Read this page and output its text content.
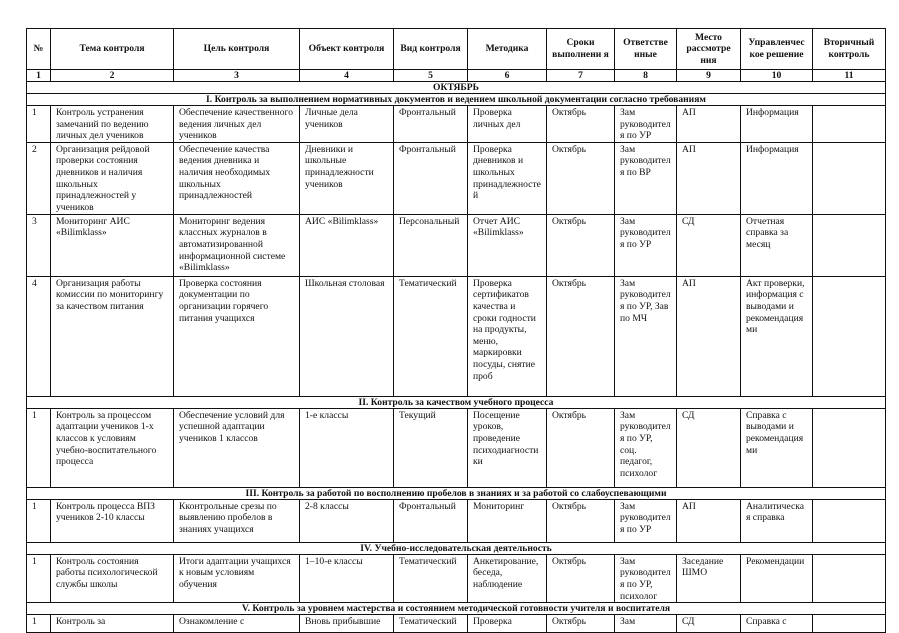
№	Тема контроля	Цель контроля	Объект контроля	Вид контроля	Методика	Сроки выполнени я	Ответстве нные	Место рассмотре ния	Управленчес кое решение	Вторичный контроль
1	2	3	4	5	6	7	8	9	10	11
ОКТЯБРЬ										
I. Контроль за выполнением нормативных документов и ведением школьной документации согласно требованиям										
1	Контроль устранения замечаний по ведению личных дел учеников	Обеспечение качественного ведения личных дел учеников	Личные дела учеников	Фронтальный	Проверка личных дел	Октябрь	Зам руководителя по УР	АП	Информация	
2	Организация рейдовой проверки состояния дневников и наличия школьных принадлежностей у учеников	Обеспечение качества ведения дневника и наличия необходимых школьных принадлежностей	Дневники и школьные принадлежности учеников	Фронтальный	Проверка дневников и школьных принадлежностей	Октябрь	Зам руководителя по ВР	АП	Информация	
3	Мониторинг АИС «Bilimklass»	Мониторинг ведения классных журналов в автоматизированной информационной системе «Bilimklass»	АИС «Bilimklass»	Персональный	Отчет АИС «Bilimklass»	Октябрь	Зам руководителя по УР	СД	Отчетная справка за месяц	
4	Организация работы комиссии по мониторингу за качеством питания	Проверка состояния документации по организации горячего питания учащихся	Школьная столовая	Тематический	Проверка сертификатов качества и сроки годности на продукты, меню, маркировки посуды, снятие проб	Октябрь	Зам руководителя по УР, Зав по МЧ	АП	Акт проверки, информация с выводами и рекомендациями	
II. Контроль за качеством учебного процесса										
1	Контроль за процессом адаптации учеников 1-х классов к условиям учебно-воспитательного процесса	Обеспечение условий для успешной адаптации учеников 1 классов	1-е классы	Текущий	Посещение уроков, проведение психодиагностики	Октябрь	Зам руководителя по УР, соц. педагог, психолог	СД	Справка с выводами и рекомендациями	
III. Контроль за работой по восполнению пробелов в знаниях и за работой со слабоуспевающими										
1	Контроль процесса ВПЗ учеников 2-10 классы	Кконтрольные срезы по выявлению пробелов в знаниях учащихся	2-8 классы	Фронтальный	Мониторинг	Октябрь	Зам руководителя по УР	АП	Аналитическая справка	
IV. Учебно-исследовательская деятельность										
1	Контроль состояния работы психологической службы школы	Итоги адаптации учащихся к новым условиям обучения	1–10-е классы	Тематический	Анкетирование, беседа, наблюдение	Октябрь	Зам руководителя по УР, психолог	Заседание ШМО	Рекомендации	
V. Контроль за уровнем мастерства и состоянием методической готовности учителя и воспитателя										
1	Контроль за	Ознакомление с	Вновь прибывшие	Тематический	Проверка	Октябрь	Зам	СД	Справка с	
